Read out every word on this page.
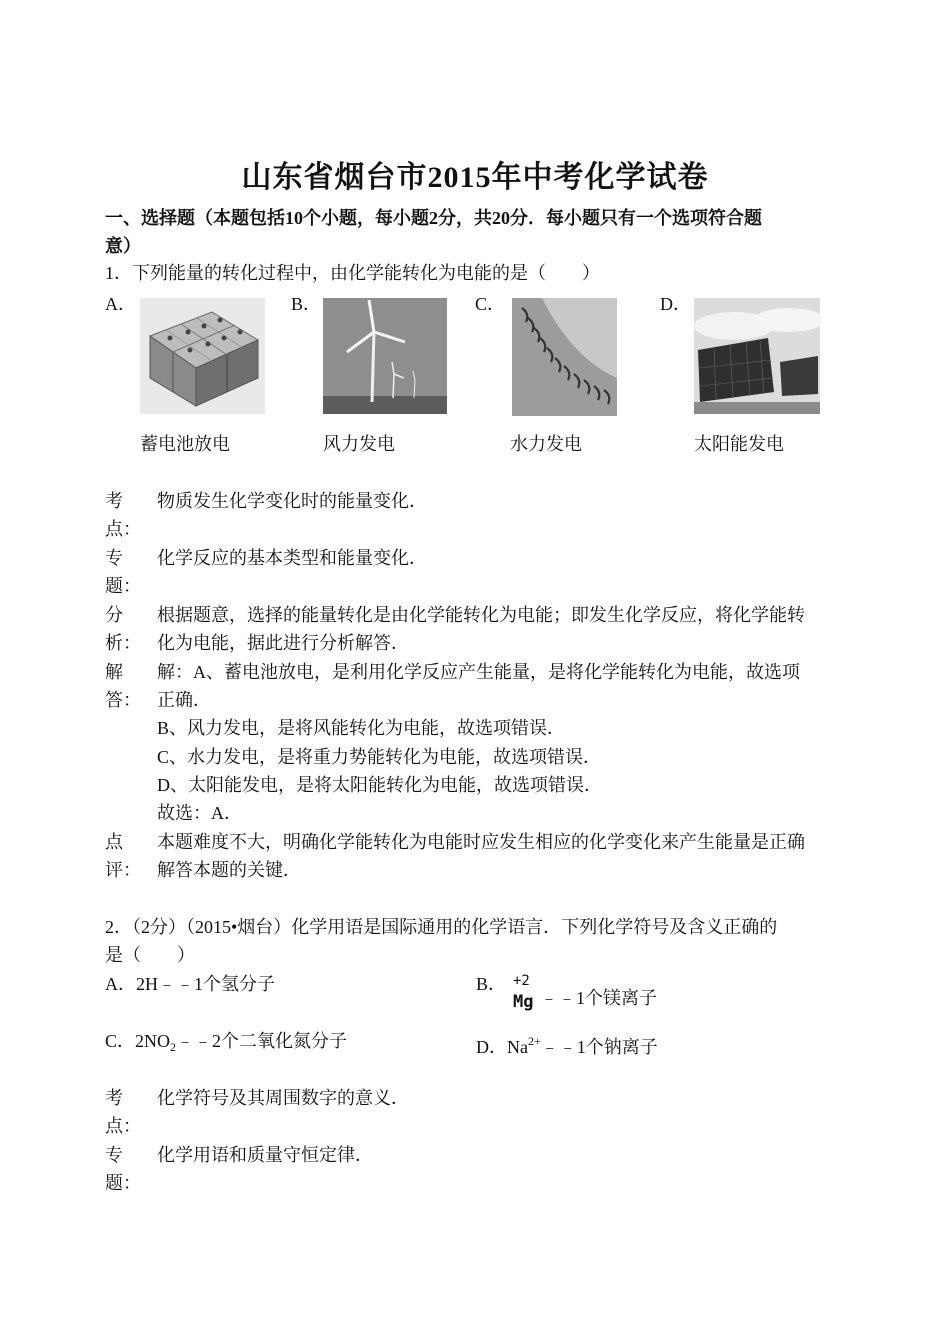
山东省烟台市2015年中考化学试卷
一、选择题（本题包括10个小题，每小题2分，共20分．每小题只有一个选项符合题
意）
1．下列能量的转化过程中，由化学能转化为电能的是（　　）
A．	B．	C．	D．
蓄电池放电	风力发电	水力发电	太阳能发电
考
点：
物质发生化学变化时的能量变化．
专
题：
化学反应的基本类型和能量变化．
分
析：
根据题意，选择的能量转化是由化学能转化为电能；即发生化学反应，将化学能转
化为电能，据此进行分析解答．
解
答：
解：A、蓄电池放电，是利用化学反应产生能量，是将化学能转化为电能，故选项
正确．
B、风力发电，是将风能转化为电能，故选项错误．
C、水力发电，是将重力势能转化为电能，故选项错误．
D、太阳能发电，是将太阳能转化为电能，故选项错误．
故选：A．
点
评：
本题难度不大，明确化学能转化为电能时应发生相应的化学变化来产生能量是正确
解答本题的关键．
2．（2分）（2015•烟台）化学用语是国际通用的化学语言．下列化学符号及含义正确的
是（　　）
A．2H﹣﹣1个氢分子	B． +2
Mg ﹣﹣1个镁离子
C．$2NO_2﹣﹣2$个二氧化氮分子	D．$Na^{2+}﹣﹣1$个钠离子
考
点：
化学符号及其周围数字的意义．
专
题：
化学用语和质量守恒定律．
